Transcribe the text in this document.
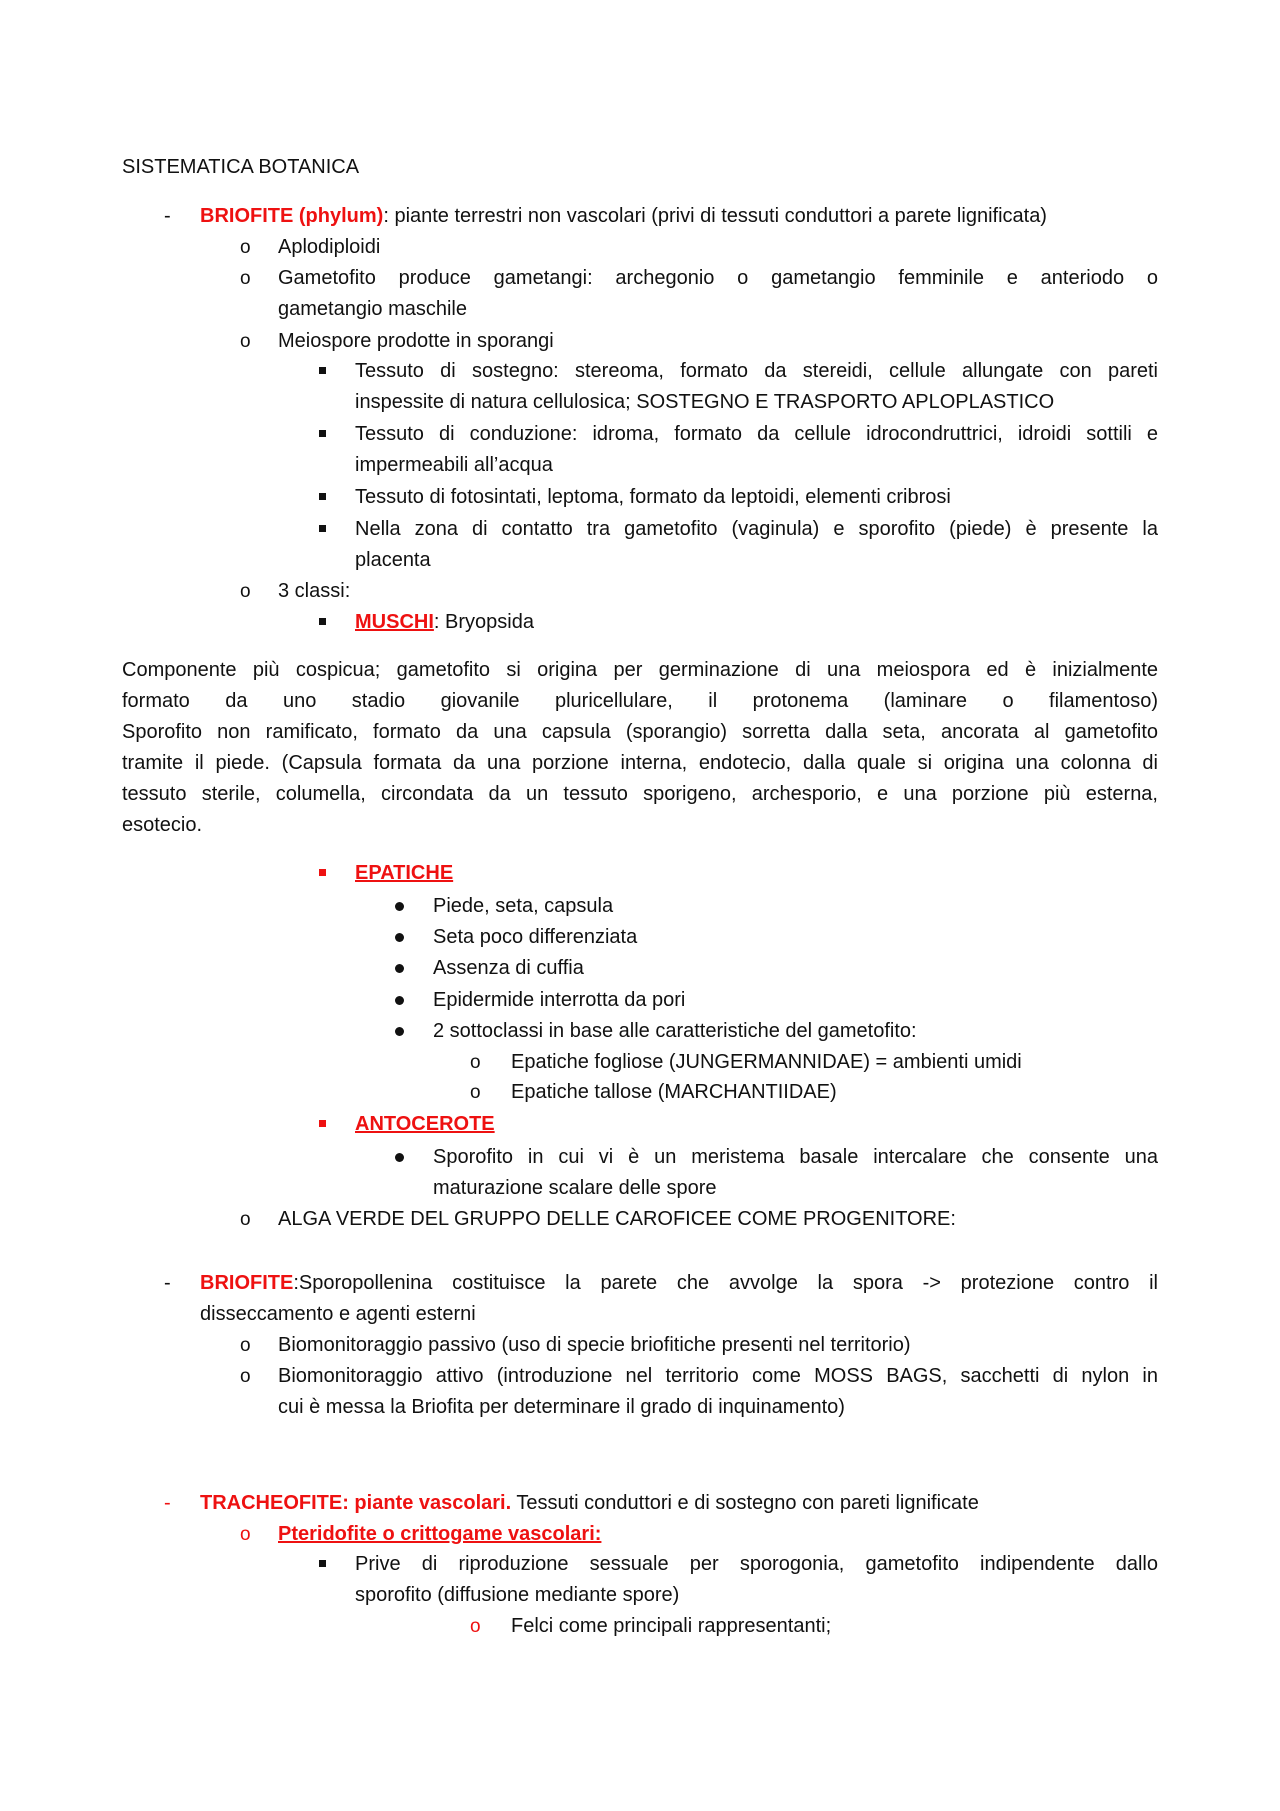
SISTEMATICA BOTANICA
- BRIOFITE (phylum): piante terrestri non vascolari (privi di tessuti conduttori a parete lignificata)
o Aplodiploidi
o Gametofito produce gametangi: archegonio o gametangio femminile e anteriodo o
gametangio maschile
o Meiospore prodotte in sporangi
Tessuto di sostegno: stereoma, formato da stereidi, cellule allungate con pareti
inspessite di natura cellulosica; SOSTEGNO E TRASPORTO APLOPLASTICO
Tessuto di conduzione: idroma, formato da cellule idrocondruttrici, idroidi sottili e
impermeabili all’acqua
Tessuto di fotosintati, leptoma, formato da leptoidi, elementi cribrosi
Nella zona di contatto tra gametofito (vaginula) e sporofito (piede) è presente la
placenta
o 3 classi:
MUSCHI: Bryopsida
Componente più cospicua; gametofito si origina per germinazione di una meiospora ed è inizialmente
formato da uno stadio giovanile pluricellulare, il protonema (laminare o filamentoso)
Sporofito non ramificato, formato da una capsula (sporangio) sorretta dalla seta, ancorata al gametofito
tramite il piede. (Capsula formata da una porzione interna, endotecio, dalla quale si origina una colonna di
tessuto sterile, columella, circondata da un tessuto sporigeno, archesporio, e una porzione più esterna,
esotecio.
EPATICHE
Piede, seta, capsula
Seta poco differenziata
Assenza di cuffia
Epidermide interrotta da pori
2 sottoclassi in base alle caratteristiche del gametofito:
o Epatiche fogliose (JUNGERMANNIDAE) = ambienti umidi
o Epatiche tallose (MARCHANTIIDAE)
ANTOCEROTE
Sporofito in cui vi è un meristema basale intercalare che consente una
maturazione scalare delle spore
o ALGA VERDE DEL GRUPPO DELLE CAROFICEE COME PROGENITORE:
- BRIOFITE:Sporopollenina costituisce la parete che avvolge la spora -> protezione contro il
disseccamento e agenti esterni
o Biomonitoraggio passivo (uso di specie briofitiche presenti nel territorio)
o Biomonitoraggio attivo (introduzione nel territorio come MOSS BAGS, sacchetti di nylon in
cui è messa la Briofita per determinare il grado di inquinamento)
- TRACHEOFITE: piante vascolari. Tessuti conduttori e di sostegno con pareti lignificate
o Pteridofite o crittogame vascolari:
Prive di riproduzione sessuale per sporogonia, gametofito indipendente dallo
sporofito (diffusione mediante spore)
o Felci come principali rappresentanti;
